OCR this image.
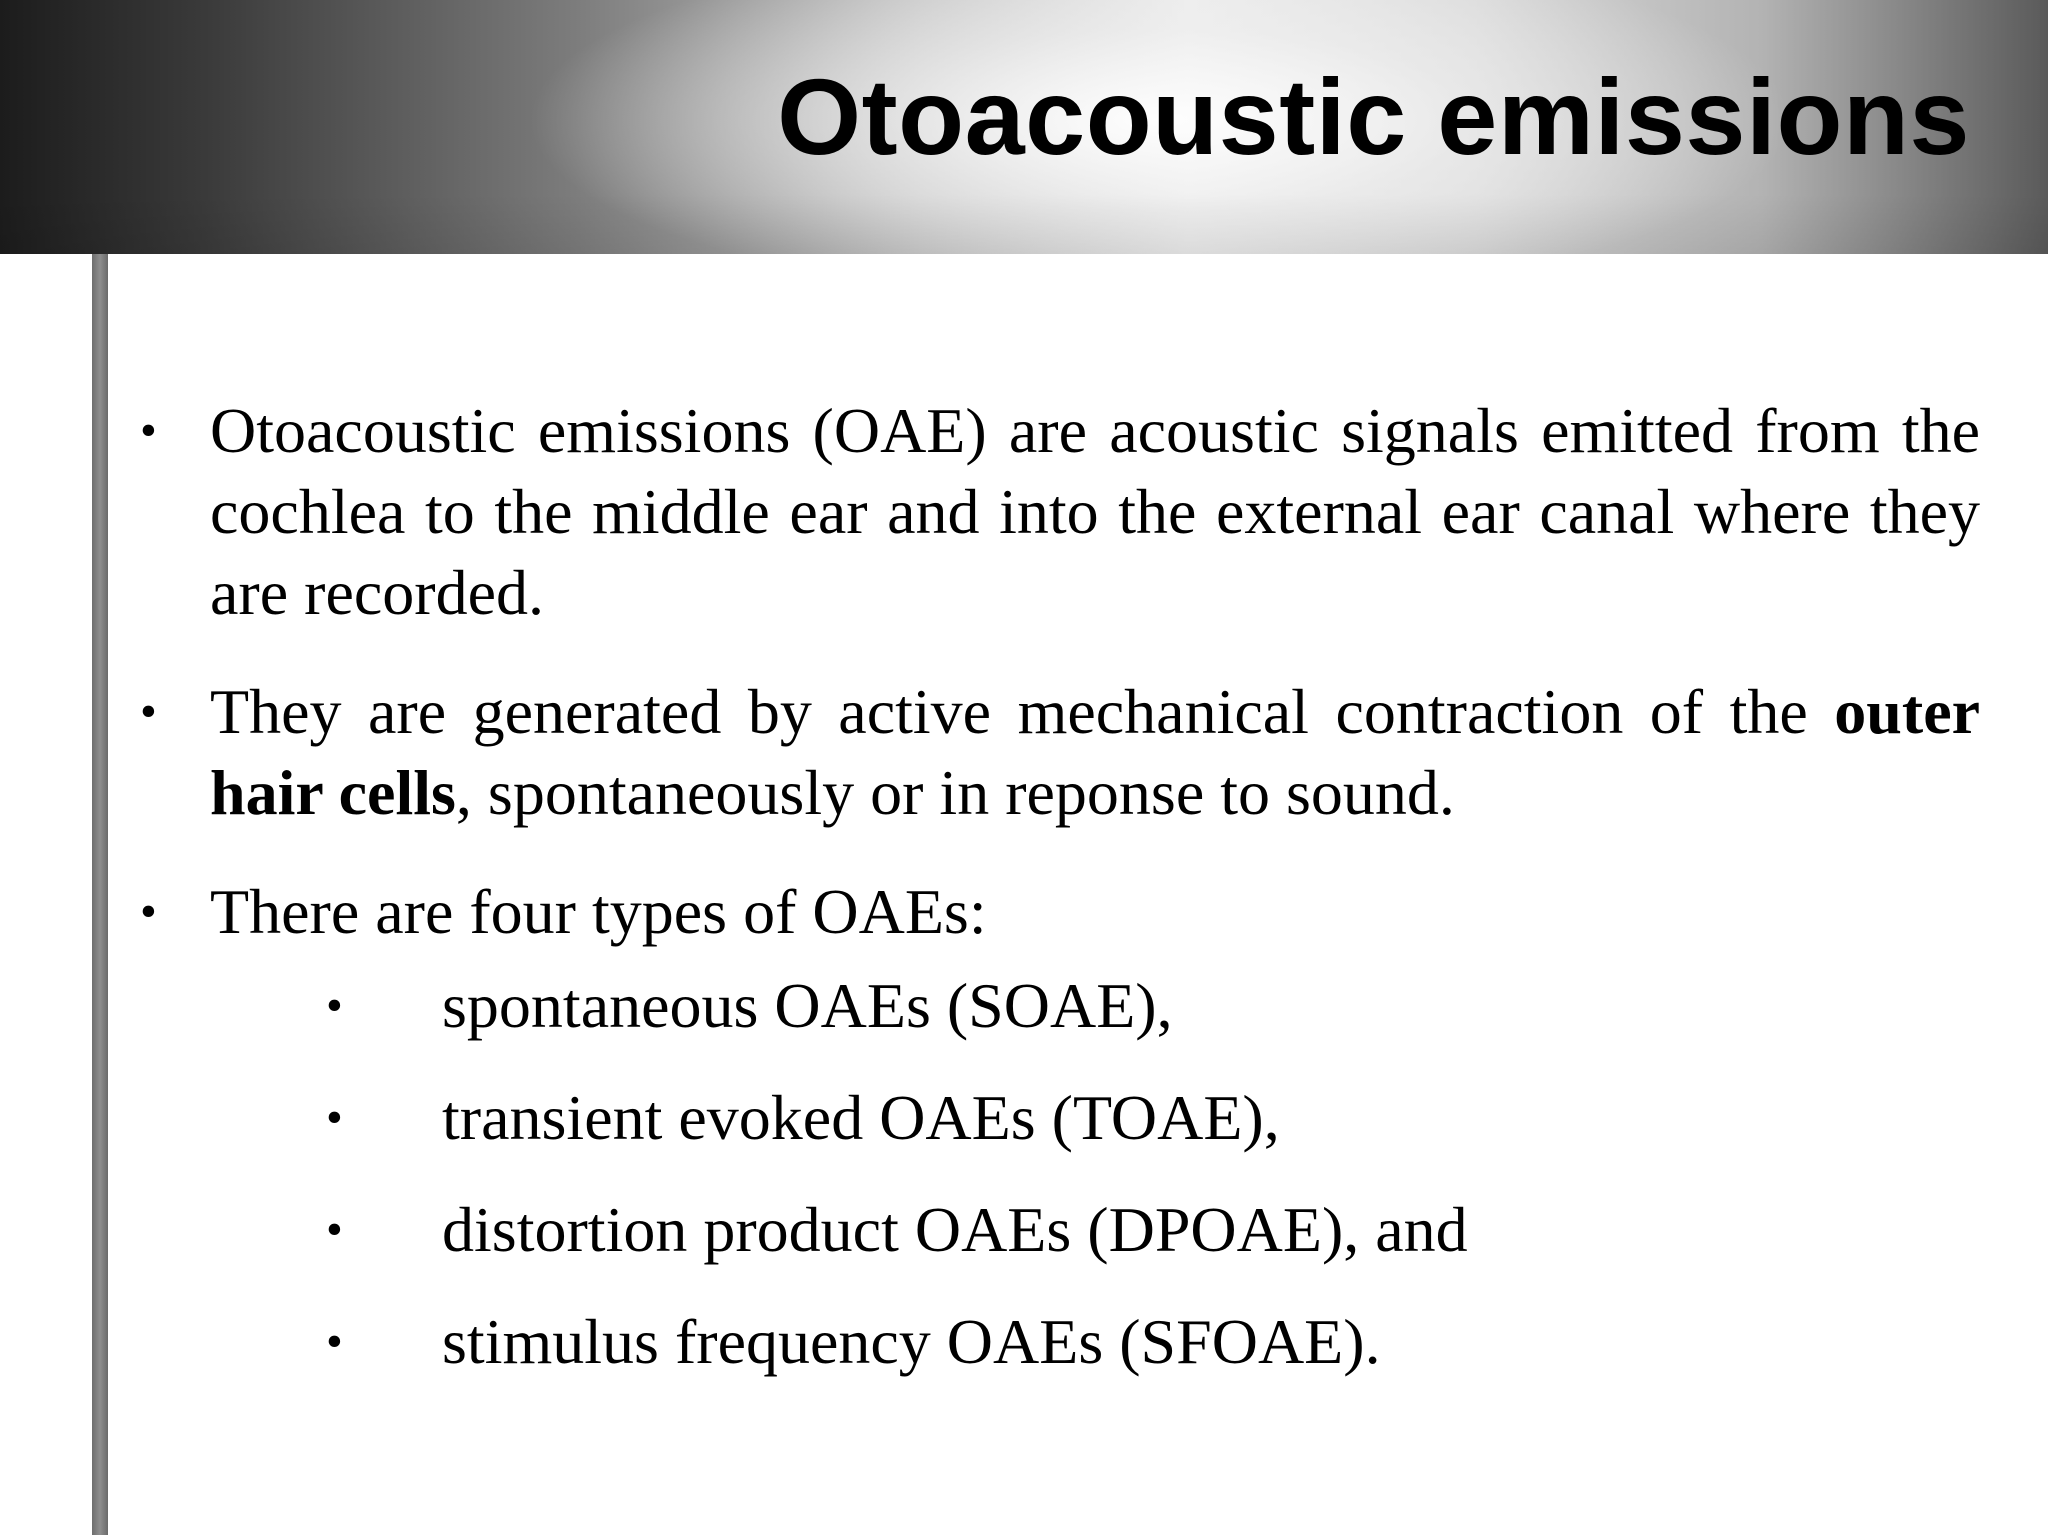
Otoacoustic emissions
• Otoacoustic emissions (OAE) are acoustic signals emitted from the cochlea to the middle ear and into the external ear canal where they are recorded.
• They are generated by active mechanical contraction of the outer hair cells, spontaneously or in reponse to sound.
• There are four types of OAEs:
• spontaneous OAEs (SOAE),
• transient evoked OAEs (TOAE),
• distortion product OAEs (DPOAE), and
• stimulus frequency OAEs (SFOAE).
